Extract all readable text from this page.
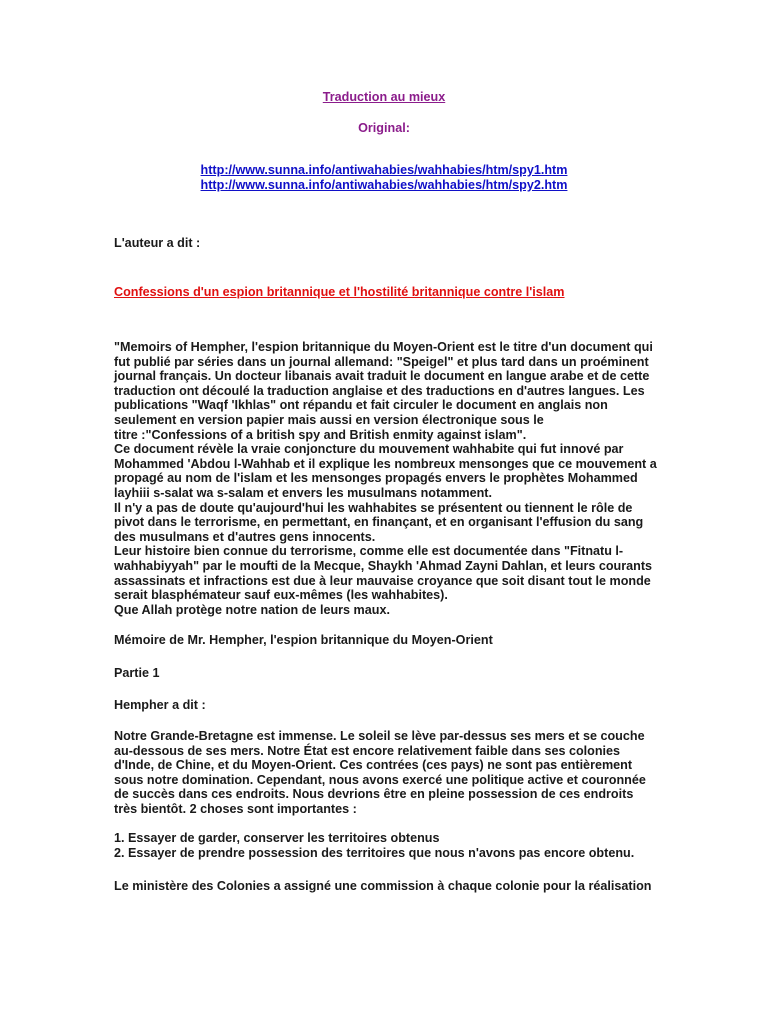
Traduction au mieux
Original:
http://www.sunna.info/antiwahabies/wahhabies/htm/spy1.htm
http://www.sunna.info/antiwahabies/wahhabies/htm/spy2.htm
L'auteur a dit :
Confessions d'un espion britannique et l'hostilité britannique contre l'islam

"Memoirs of Hempher, l'espion britannique du Moyen-Orient est le titre d'un document qui

fut publié par séries dans un journal allemand: "Speigel" et plus tard dans un proéminent

journal français. Un docteur libanais avait traduit le document en langue arabe et de cette

traduction ont découlé la traduction anglaise et des traductions en d'autres langues. Les

publications "Waqf 'Ikhlas" ont répandu et fait circuler le document en anglais non

seulement en version papier mais aussi en version électronique sous le

titre :"Confessions of a british spy and British enmity against islam".

Ce document révèle la vraie conjoncture du mouvement wahhabite qui fut innové par

Mohammed 'Abdou l-Wahhab et il explique les nombreux mensonges que ce mouvement a

propagé au nom de l'islam et les mensonges propagés envers le prophètes Mohammed

layhiii s-salat wa s-salam et envers les musulmans notamment.

Il n'y a pas de doute qu'aujourd'hui les wahhabites se présentent ou tiennent le rôle de

pivot dans le terrorisme, en permettant, en finançant, et en organisant l'effusion du sang

des musulmans et d'autres gens innocents.

Leur histoire bien connue du terrorisme, comme elle est documentée dans "Fitnatu l-

wahhabiyyah" par le moufti de la Mecque, Shaykh 'Ahmad Zayni Dahlan, et leurs courants

assassinats et infractions est due à leur mauvaise croyance que soit disant tout le monde

serait blasphémateur sauf eux-mêmes (les wahhabites).

Que Allah protège notre nation de leurs maux.

Mémoire de Mr. Hempher, l'espion britannique du Moyen-Orient
Partie 1
Hempher a dit :

Notre Grande-Bretagne est immense. Le soleil se lève par-dessus ses mers et se couche

au-dessous de ses mers. Notre État est encore relativement faible dans ses colonies

d'Inde, de Chine, et du Moyen-Orient. Ces contrées (ces pays) ne sont pas entièrement

sous notre domination. Cependant, nous avons exercé une politique active et couronnée

de succès dans ces endroits. Nous devrions être en pleine possession de ces endroits

très bientôt. 2 choses sont importantes :

1. Essayer de garder, conserver les territoires obtenus

2. Essayer de prendre possession des territoires que nous n'avons pas encore obtenu.

Le ministère des Colonies a assigné une commission à chaque colonie pour la réalisation
